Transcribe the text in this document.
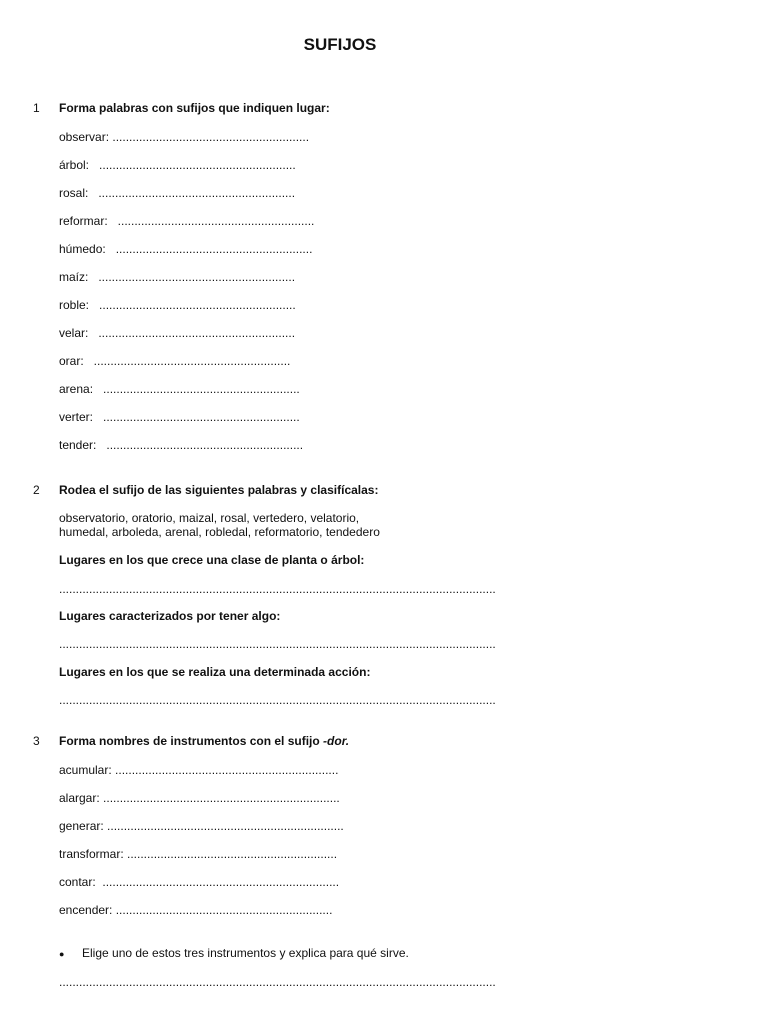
SUFIJOS
1 Forma palabras con sufijos que indiquen lugar:
observar: ...........................................................
árbol:   ...........................................................
rosal:   ...........................................................
reformar:   ...........................................................
húmedo:   ...........................................................
maíz:   ...........................................................
roble:   ...........................................................
velar:   ...........................................................
orar:   ...........................................................
arena:   ...........................................................
verter:   ...........................................................
tender:   ...........................................................
2 Rodea el sufijo de las siguientes palabras y clasifícalas:
observatorio, oratorio, maizal, rosal, vertedero, velatorio,
humedal, arboleda, arenal, robledal, reformatorio, tendedero
Lugares en los que crece una clase de planta o árbol:
...................................................................................................................................
Lugares caracterizados por tener algo:
...................................................................................................................................
Lugares en los que se realiza una determinada acción:
...................................................................................................................................
3 Forma nombres de instrumentos con el sufijo -dor.
acumular: ...................................................................
alargar: .......................................................................
generar: .......................................................................
transformar: ...............................................................
contar:  .......................................................................
encender: .................................................................
● Elige uno de estos tres instrumentos y explica para qué sirve.
...................................................................................................................................
